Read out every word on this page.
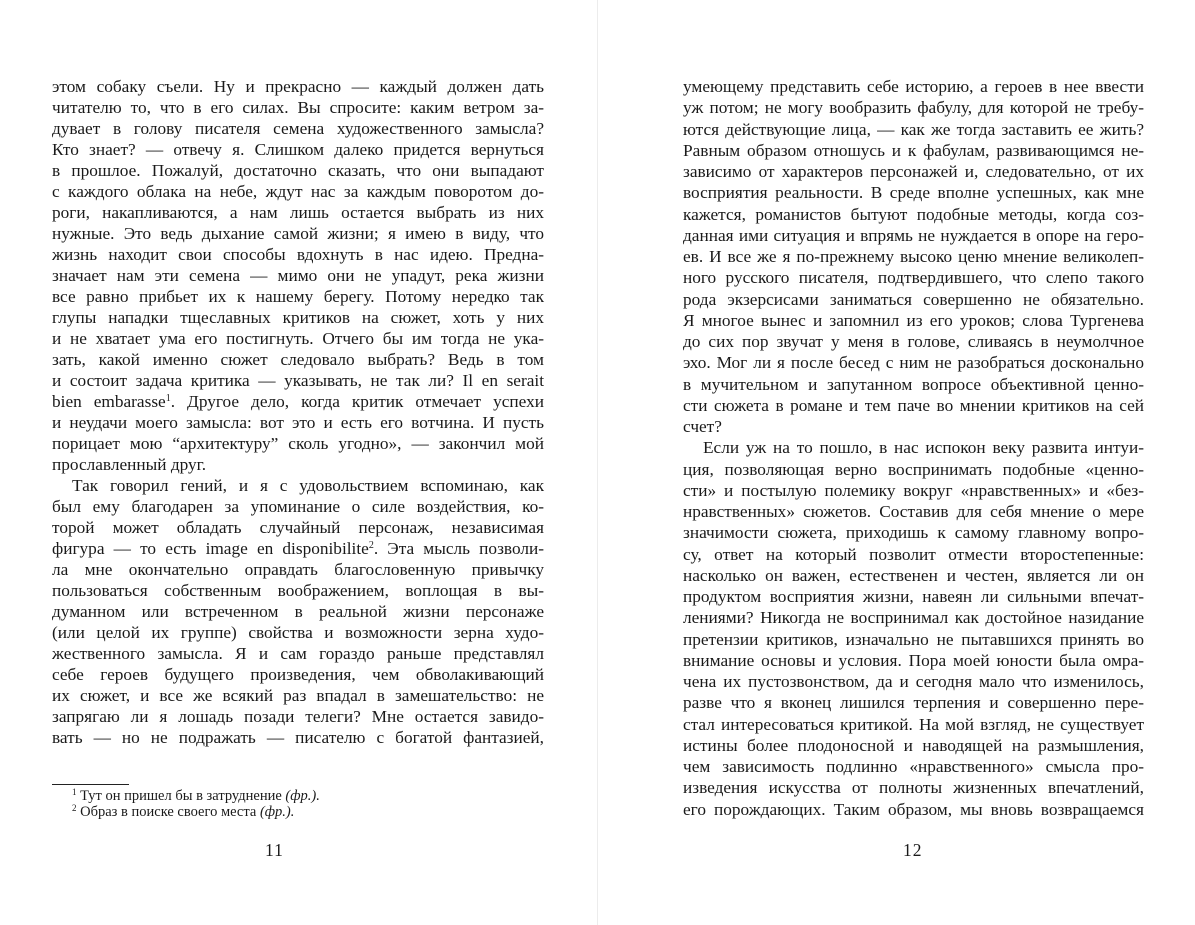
этом собаку съели. Ну и прекрасно — каждый должен дать
читателю то, что в его силах. Вы спросите: каким ветром за-
дувает в голову писателя семена художественного замысла?
Кто знает? — отвечу я. Слишком далеко придется вернуться
в прошлое. Пожалуй, достаточно сказать, что они выпадают
с каждого облака на небе, ждут нас за каждым поворотом до-
роги, накапливаются, а нам лишь остается выбрать из них
нужные. Это ведь дыхание самой жизни; я имею в виду, что
жизнь находит свои способы вдохнуть в нас идею. Предна-
значает нам эти семена — мимо они не упадут, река жизни
все равно прибьет их к нашему берегу. Потому нередко так
глупы нападки тщеславных критиков на сюжет, хоть у них
и не хватает ума его постигнуть. Отчего бы им тогда не ука-
зать, какой именно сюжет следовало выбрать? Ведь в том
и состоит задача критика — указывать, не так ли? Il en serait
bien embarasse$^1$. Другое дело, когда критик отмечает успехи
и неудачи моего замысла: вот это и есть его вотчина. И пусть
порицает мою “архитектуру” сколь угодно», — закончил мой
прославленный друг.
Так говорил гений, и я с удовольствием вспоминаю, как
был ему благодарен за упоминание о силе воздействия, ко-
торой может обладать случайный персонаж, независимая
фигура — то есть image en disponibilite$^2$. Эта мысль позволи-
ла мне окончательно оправдать благословенную привычку
пользоваться собственным воображением, воплощая в вы-
думанном или встреченном в реальной жизни персонаже
(или целой их группе) свойства и возможности зерна худо-
жественного замысла. Я и сам гораздо раньше представлял
себе героев будущего произведения, чем обволакивающий
их сюжет, и все же всякий раз впадал в замешательство: не
запрягаю ли я лошадь позади телеги? Мне остается завидо-
вать — но не подражать — писателю с богатой фантазией,
$^1$ Тут он пришел бы в затруднение (фр.).
$^2$ Образ в поиске своего места (фр.).
11
умеющему представить себе историю, а героев в нее ввести
уж потом; не могу вообразить фабулу, для которой не требу-
ются действующие лица, — как же тогда заставить ее жить?
Равным образом отношусь и к фабулам, развивающимся не-
зависимо от характеров персонажей и, следовательно, от их
восприятия реальности. В среде вполне успешных, как мне
кажется, романистов бытуют подобные методы, когда соз-
данная ими ситуация и впрямь не нуждается в опоре на геро-
ев. И все же я по-прежнему высоко ценю мнение великолеп-
ного русского писателя, подтвердившего, что слепо такого
рода экзерсисами заниматься совершенно не обязательно.
Я многое вынес и запомнил из его уроков; слова Тургенева
до сих пор звучат у меня в голове, сливаясь в неумолчное
эхо. Мог ли я после бесед с ним не разобраться досконально
в мучительном и запутанном вопросе объективной ценно-
сти сюжета в романе и тем паче во мнении критиков на сей
счет?
Если уж на то пошло, в нас испокон веку развита интуи-
ция, позволяющая верно воспринимать подобные «ценно-
сти» и постылую полемику вокруг «нравственных» и «без-
нравственных» сюжетов. Составив для себя мнение о мере
значимости сюжета, приходишь к самому главному вопро-
су, ответ на который позволит отмести второстепенные:
насколько он важен, естественен и честен, является ли он
продуктом восприятия жизни, навеян ли сильными впечат-
лениями? Никогда не воспринимал как достойное назидание
претензии критиков, изначально не пытавшихся принять во
внимание основы и условия. Пора моей юности была омра-
чена их пустозвонством, да и сегодня мало что изменилось,
разве что я вконец лишился терпения и совершенно пере-
стал интересоваться критикой. На мой взгляд, не существует
истины более плодоносной и наводящей на размышления,
чем зависимость подлинно «нравственного» смысла про-
изведения искусства от полноты жизненных впечатлений,
его порождающих. Таким образом, мы вновь возвращаемся
12
